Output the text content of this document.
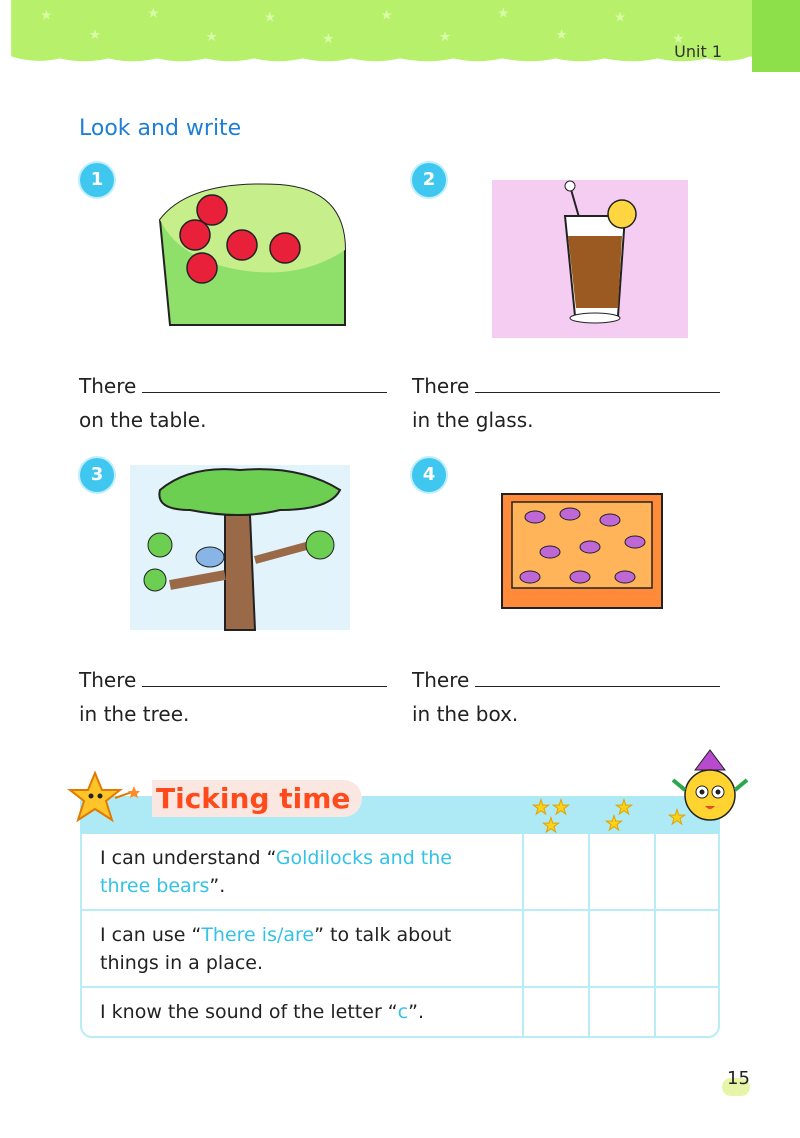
★
★
★
★
★
★
★
★
★
★
★
★
Unit 1
Look and write
1
There
on the table.
2
There
in the glass.
3
There
in the tree.
4
There
in the box.
Ticking time	★ ★
★
★
★ ★
I can understand “Goldilocks and the three bears”.
I can use “There is/are” to talk about things in a place.
I know the sound of the letter “c”.
15
